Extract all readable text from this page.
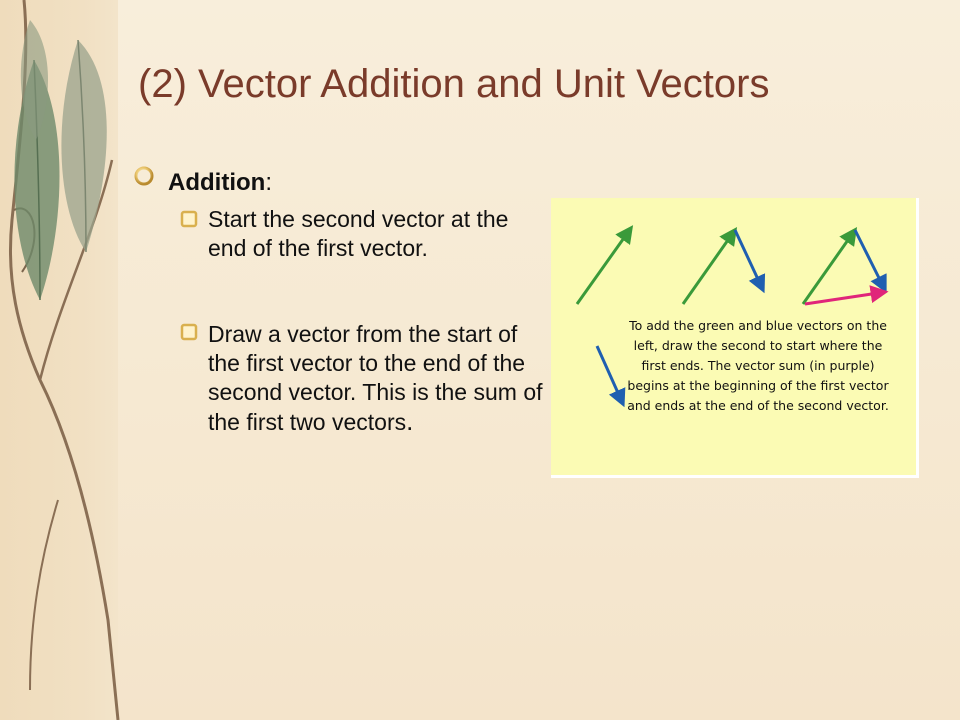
(2) Vector Addition and Unit Vectors
Addition:
Start the second vector at the end of the first vector.
Draw a vector from the start of the first vector to the end of the second vector. This is the sum of the first two vectors.

To add the green and blue vectors on the left, draw the second to start where the first ends. The vector sum (in purple) begins at the beginning of the first vector and ends at the end of the second vector.
